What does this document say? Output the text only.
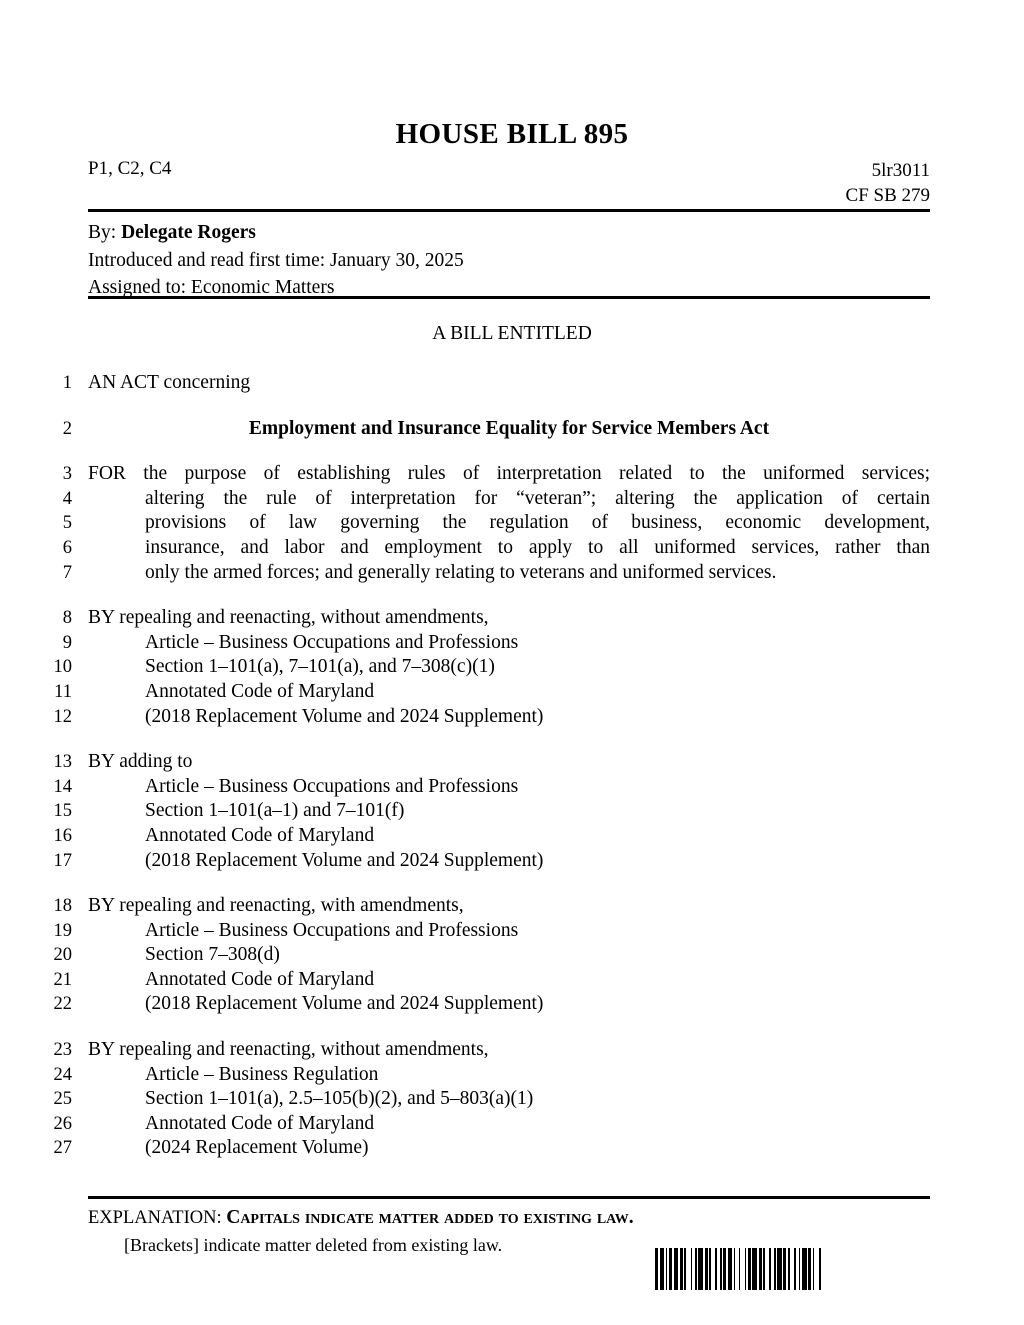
HOUSE BILL 895
P1, C2, C4	5lr3011
CF SB 279
By: Delegate Rogers
Introduced and read first time: January 30, 2025
Assigned to: Economic Matters
A BILL ENTITLED
1 AN ACT concerning
2	Employment and Insurance Equality for Service Members Act
3 FOR the purpose of establishing rules of interpretation related to the uniformed services;
4	altering the rule of interpretation for “veteran”; altering the application of certain
5	provisions of law governing the regulation of business, economic development,
6	insurance, and labor and employment to apply to all uniformed services, rather than
7	only the armed forces; and generally relating to veterans and uniformed services.
8 BY repealing and reenacting, without amendments,
9	Article – Business Occupations and Professions
10	Section 1–101(a), 7–101(a), and 7–308(c)(1)
11	Annotated Code of Maryland
12	(2018 Replacement Volume and 2024 Supplement)
13 BY adding to
14	Article – Business Occupations and Professions
15	Section 1–101(a–1) and 7–101(f)
16	Annotated Code of Maryland
17	(2018 Replacement Volume and 2024 Supplement)
18 BY repealing and reenacting, with amendments,
19	Article – Business Occupations and Professions
20	Section 7–308(d)
21	Annotated Code of Maryland
22	(2018 Replacement Volume and 2024 Supplement)
23 BY repealing and reenacting, without amendments,
24	Article – Business Regulation
25	Section 1–101(a), 2.5–105(b)(2), and 5–803(a)(1)
26	Annotated Code of Maryland
27	(2024 Replacement Volume)
EXPLANATION: Capitals indicate matter added to existing law.
[Brackets] indicate matter deleted from existing law.
